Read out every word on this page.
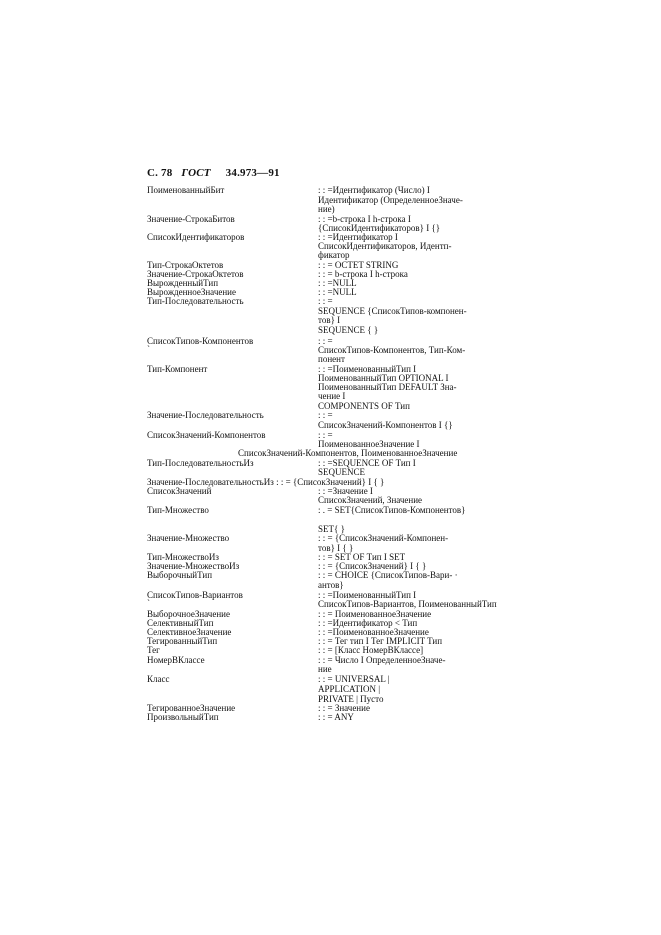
С. 78 ГОСТ 34.973—91
ПоименованныйБит	: : =Идентификатор (Число) I
Идентификатор (ОпределенноеЗначе-
ние)
Значение-СтрокаБитов	: : =b-строка I h-строка I
{СписокИдентификаторов} I {}
СписокИдентификаторов	: : =Идентификатор I
СписокИдентификаторов, Идентп-
фикатор
Тип-СтрокаОктетов	: : = OCTET STRING
Значение-СтрокаОктетов	: : = b-строка I h-строка
ВырожденныйТип	: : =NULL
ВырожденноеЗначение	: : =NULL
Тип-Последовательность	: : =
SEQUENCE {СписокТипов-компонен-
тов} I
SEQUENCE { }
СписокТипов-Компонентов	: : =
`	СписокТипов-Компонентов, Тип-Ком-
понент
Тип-Компонент	: : =ПоименованныйТип I
ПоименованныйТип OPTIONAL I
ПоименованныйТип DEFAULT Зна-
чение I
COMPONENTS OF Тип
Значение-Последовательность	: : =
СписокЗначений-Компонентов I {}
СписокЗначений-Компонентов	: : =
ПоименованноеЗначение I
СписокЗначений-Компонентов, ПоименованноеЗначение
Тип-ПоследовательностьИз	: : =SEQUENCE OF Тип I
SEQUENCE
Значение-ПоследовательностьИз : : = {СписокЗначений} I { }
СписокЗначений	: : =Значение I
СписокЗначений, Значение
Тип-Множество	: . = SET{СписокТипов-Компонентов}
SET{ }
Значение-Множество	: : = {СписокЗначений-Компонен-
тов} I { }
Тип-МножествоИз	: : = SET OF Тип I SET
Значение-МножествоИз	: : = {СписокЗначений} I { }
ВыборочныйТип	: : = CHOICE {СписокТипов-Вари- ·
антов}
СписокТипов-Вариантов	: : =ПоименованныйТип I
`	СписокТипов-Вариантов, ПоименованныйТип
ВыборочноеЗначение	: : = ПоименованноеЗначение
СелективныйТип	: : =Идентификатор < Тип
СелективноеЗначение	: : =ПоименованноеЗначение
ТегированныйТип	: : = Тег тип I Тег IMPLICIT Тип
Тег	: : = [Класс НомерВКлассе]
НомерВКлассе	: : = Число I ОпределенноеЗначе-
ние
Класс	: : = UNIVERSAL |
APPLICATION |
PRIVATE | Пусто
ТегированноеЗначение	: : = Значение
ПроизвольныйТип	: : = ANY
